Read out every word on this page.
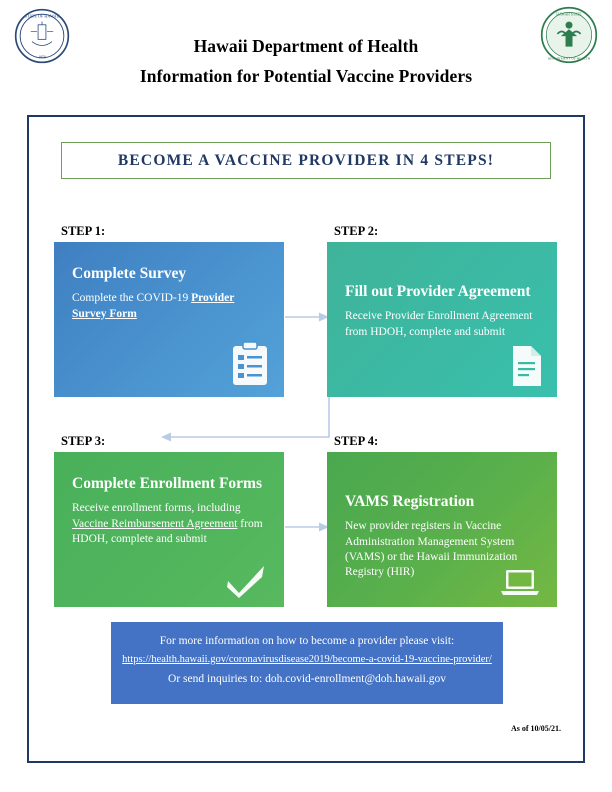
STATE OF HAWAII
1959
HAWAII STATE
DEPARTMENT OF HEALTH
Hawaii Department of Health
Information for Potential Vaccine Providers
BECOME A VACCINE PROVIDER IN 4 STEPS!
STEP 1:	STEP 2:
STEP 3:	STEP 4:
Complete Survey
Complete the COVID-19 Provider Survey Form
Fill out Provider Agreement
Receive Provider Enrollment Agreement from HDOH, complete and submit
Complete Enrollment Forms
Receive enrollment forms, including Vaccine Reimbursement Agreement from HDOH, complete and submit
VAMS Registration
New provider registers in Vaccine Administration Management System (VAMS) or the Hawaii Immunization Registry (HIR)
For more information on how to become a provider please visit:
https://health.hawaii.gov/coronavirusdisease2019/become-a-covid-19-vaccine-provider/
Or send inquiries to: doh.covid-enrollment@doh.hawaii.gov
As of 10/05/21.
